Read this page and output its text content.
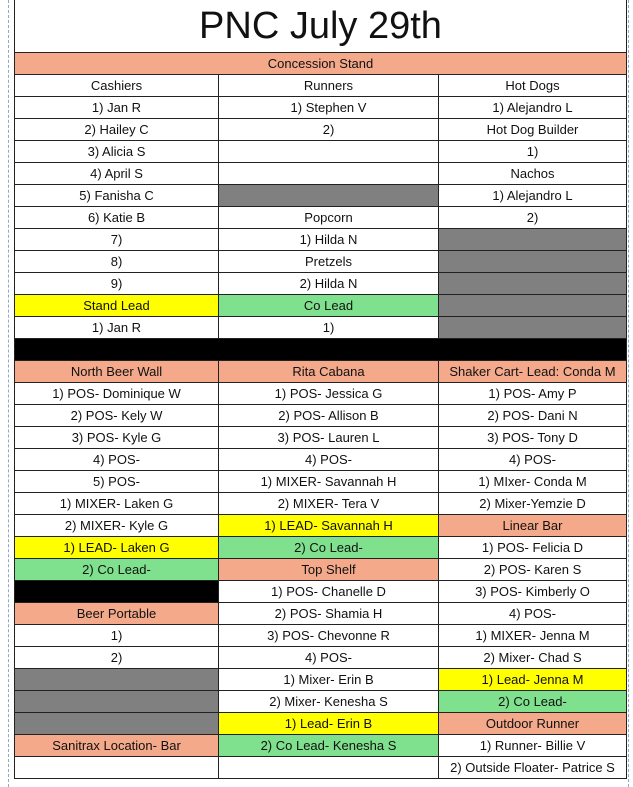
PNC July 29th		
Concession Stand		
Cashiers	Runners	Hot Dogs
1) Jan R	1) Stephen V	1) Alejandro L
2) Hailey C	2)	Hot Dog Builder
3) Alicia S		1)
4) April S		Nachos
5) Fanisha C		1) Alejandro L
6) Katie B	Popcorn	2)
7)	1) Hilda N	
8)	Pretzels	
9)	2) Hilda N	
Stand Lead	Co Lead	
1) Jan R	1)	

North Beer Wall	Rita Cabana	Shaker Cart- Lead: Conda M
1) POS- Dominique W	1) POS- Jessica G	1) POS- Amy P
2) POS- Kely W	2) POS- Allison B	2) POS- Dani N
3) POS- Kyle G	3) POS- Lauren L	3) POS- Tony D
4) POS-	4) POS-	4) POS-
5) POS-	1) MIXER- Savannah H	1) MIxer- Conda M
1) MIXER- Laken G	2) MIXER- Tera V	2) Mixer-Yemzie D
2) MIXER- Kyle G	1) LEAD- Savannah H	Linear Bar
1) LEAD- Laken G	2) Co Lead-	1) POS- Felicia D
2) Co Lead-	Top Shelf	2) POS- Karen S
	1) POS- Chanelle D	3) POS- Kimberly O
Beer Portable	2) POS- Shamia H	4) POS-
1)	3) POS- Chevonne R	1) MIXER- Jenna M
2)	4) POS-	2) Mixer- Chad S
	1) Mixer- Erin B	1) Lead- Jenna M
	2) Mixer- Kenesha S	2) Co Lead-
	1) Lead- Erin B	Outdoor Runner
Sanitrax Location- Bar	2) Co Lead- Kenesha S	1) Runner- Billie V
		2) Outside Floater- Patrice S
